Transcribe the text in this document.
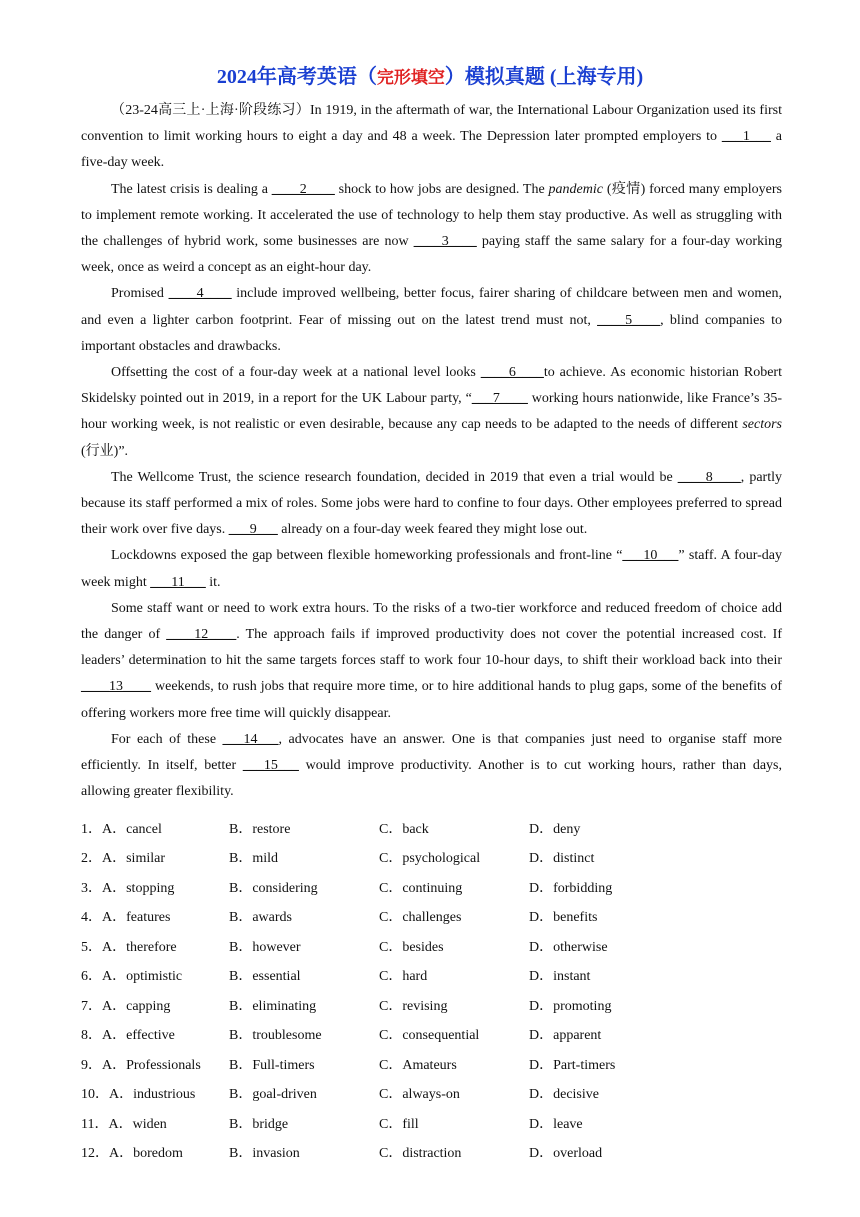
2024年高考英语（完形填空）模拟真题 (上海专用)

（23-24高三上·上海·阶段练习）In 1919, in the aftermath of war, the International Labour Organization used its first convention to limit working hours to eight a day and 48 a week. The Depression later prompted employers to ___1___ a five-day week.

The latest crisis is dealing a ____2____ shock to how jobs are designed. The pandemic (疫情) forced many employers to implement remote working. It accelerated the use of technology to help them stay productive. As well as struggling with the challenges of hybrid work, some businesses are now ____3____ paying staff the same salary for a four-day working week, once as weird a concept as an eight-hour day.

Promised ____4____ include improved wellbeing, better focus, fairer sharing of childcare between men and women, and even a lighter carbon footprint. Fear of missing out on the latest trend must not, ____5____, blind companies to important obstacles and drawbacks.

Offsetting the cost of a four-day week at a national level looks ____6____to achieve. As economic historian Robert Skidelsky pointed out in 2019, in a report for the UK Labour party, “___7____ working hours nationwide, like France’s 35-hour working week, is not realistic or even desirable, because any cap needs to be adapted to the needs of different sectors (行业)”.

The Wellcome Trust, the science research foundation, decided in 2019 that even a trial would be ____8____, partly because its staff performed a mix of roles. Some jobs were hard to confine to four days. Other employees preferred to spread their work over five days. ___9___ already on a four-day week feared they might lose out.

Lockdowns exposed the gap between flexible homeworking professionals and front-line “___10___” staff. A four-day week might ___11___ it.

Some staff want or need to work extra hours. To the risks of a two-tier workforce and reduced freedom of choice add the danger of ____12____. The approach fails if improved productivity does not cover the potential increased cost. If leaders’ determination to hit the same targets forces staff to work four 10-hour days, to shift their workload back into their ____13____ weekends, to rush jobs that require more time, or to hire additional hands to plug gaps, some of the benefits of offering workers more free time will quickly disappear.

For each of these ___14___, advocates have an answer. One is that companies just need to organise staff more efficiently. In itself, better ___15___ would improve productivity. Another is to cut working hours, rather than days, allowing greater flexibility.

1．A．cancel	B．restore	C．back	D．deny
2．A．similar	B．mild	C．psychological	D．distinct
3．A．stopping	B．considering	C．continuing	D．forbidding
4．A．features	B．awards	C．challenges	D．benefits
5．A．therefore	B．however	C．besides	D．otherwise
6．A．optimistic	B．essential	C．hard	D．instant
7．A．capping	B．eliminating	C．revising	D．promoting
8．A．effective	B．troublesome	C．consequential	D．apparent
9．A．Professionals	B．Full-timers	C．Amateurs	D．Part-timers
10．A．industrious	B．goal-driven	C．always-on	D．decisive
11．A．widen	B．bridge	C．fill	D．leave
12．A．boredom	B．invasion	C．distraction	D．overload
